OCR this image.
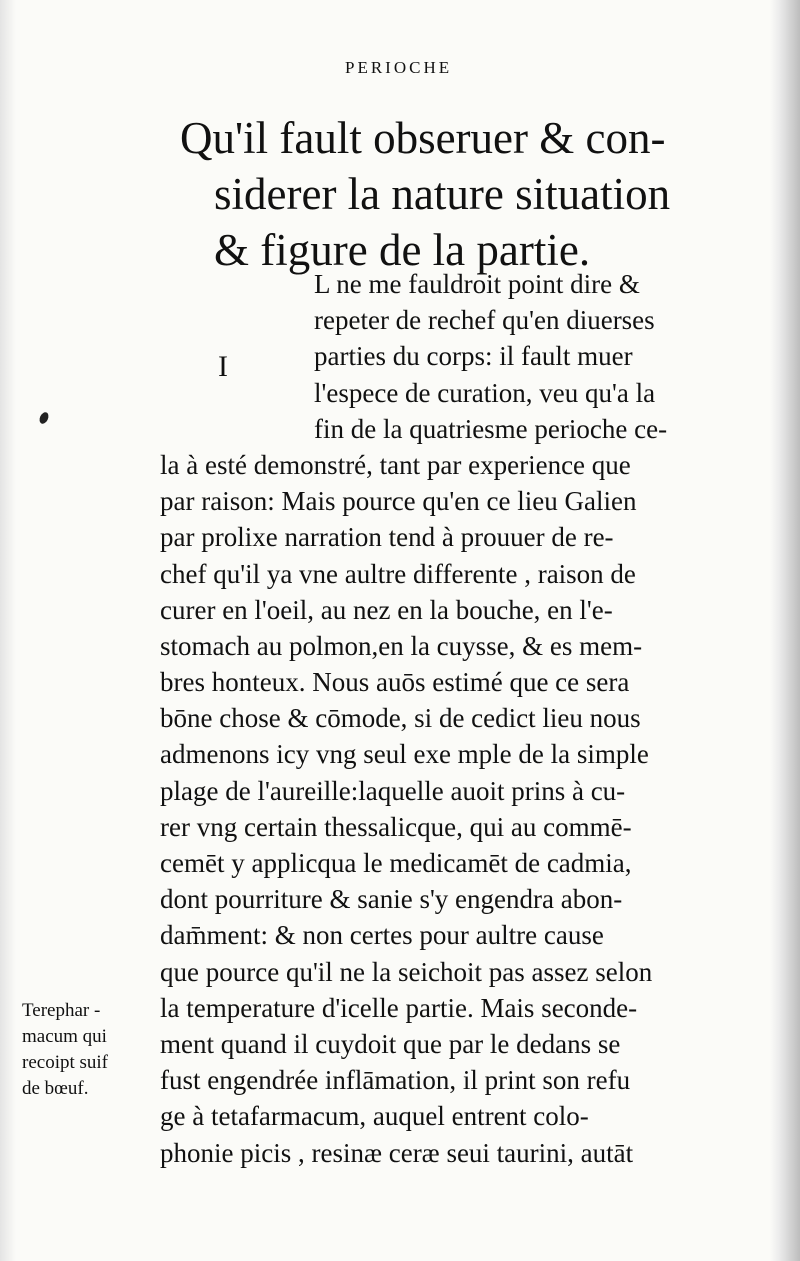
PERIOCHE
Qu'il fault obseruer & con-
siderer la nature situation
& figure de la partie.
I
L ne me fauldroit point dire &
repeter de rechef qu'en diuerses
parties du corps: il fault muer
l'espece de curation, veu qu'a la
fin de la quatriesme perioche ce-
la à esté demonstré, tant par experience que
par raison: Mais pource qu'en ce lieu Galien
par prolixe narration tend à prouuer de re-
chef qu'il ya vne aultre differente , raison de
curer en l'oeil, au nez en la bouche, en l'e-
stomach au polmon,en la cuysse, & es mem-
bres honteux. Nous auōs estimé que ce sera
bōne chose & cōmode, si de cedict lieu nous
admenons icy vng seul exe mple de la simple
plage de l'aureille:laquelle auoit prins à cu-
rer vng certain thessalicque, qui au commē-
cemēt y applicqua le medicamēt de cadmia,
dont pourriture & sanie s'y engendra abon-
dam̄ment: & non certes pour aultre cause
que pource qu'il ne la seichoit pas assez selon
la temperature d'icelle partie. Mais seconde-
ment quand il cuydoit que par le dedans se
fust engendrée inflāmation, il print son refu
ge à tetafarmacum, auquel entrent colo-
phonie picis , resinæ ceræ seui taurini, autāt
Terephar -
macum qui
recoipt suif
de bœuf.
